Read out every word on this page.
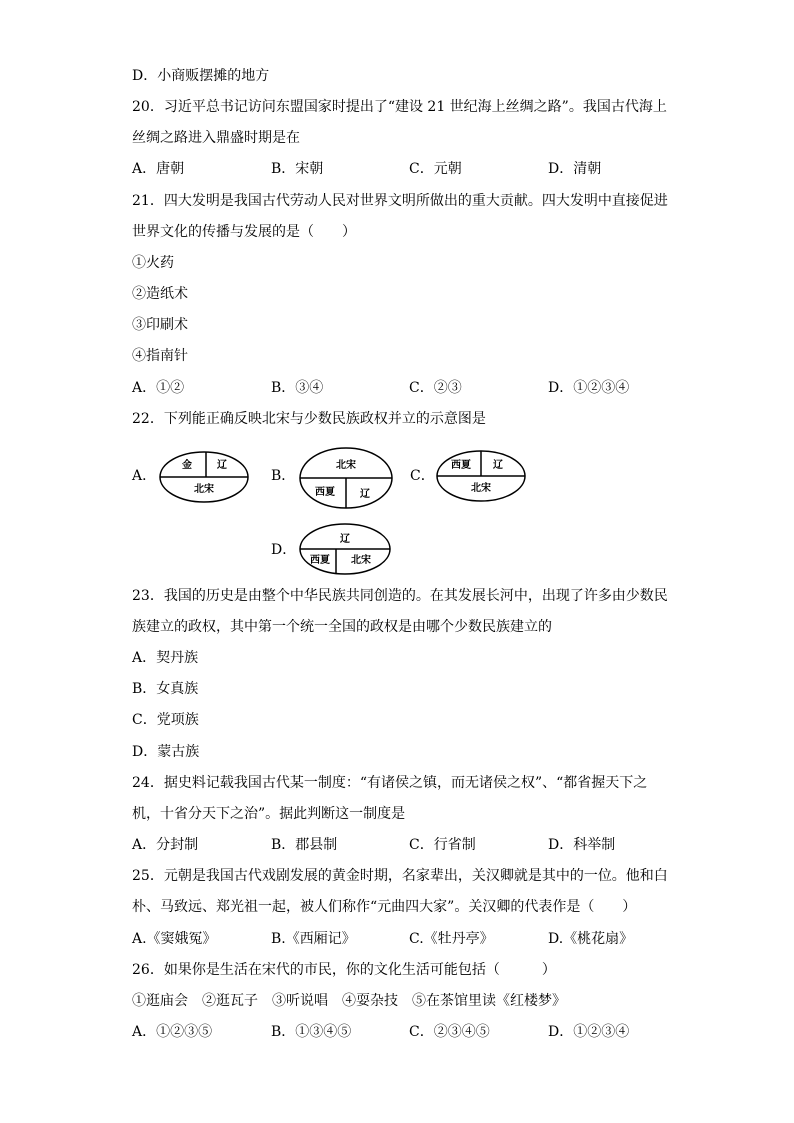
D．小商贩摆摊的地方
20．习近平总书记访问东盟国家时提出了“建设 21 世纪海上丝绸之路”。我国古代海上
丝绸之路进入鼎盛时期是在
A．唐朝	B．宋朝	C．元朝	D．清朝
21．四大发明是我国古代劳动人民对世界文明所做出的重大贡献。四大发明中直接促进
世界文化的传播与发展的是（　　）
①火药
②造纸术
③印刷术
④指南针
A．①②	B．③④	C．②③	D．①②③④
22．下列能正确反映北宋与少数民族政权并立的示意图是
A．
金	辽
北宋
B．
北宋
西夏	辽
C．
西夏 辽
北宋
D．
辽
西夏 北宋
23．我国的历史是由整个中华民族共同创造的。在其发展长河中，出现了许多由少数民
族建立的政权，其中第一个统一全国的政权是由哪个少数民族建立的
A．契丹族
B．女真族
C．党项族
D．蒙古族
24．据史料记载我国古代某一制度：“有诸侯之镇，而无诸侯之权”、“都省握天下之
机，十省分天下之治”。据此判断这一制度是
A．分封制	B．郡县制	C．行省制	D．科举制
25．元朝是我国古代戏剧发展的黄金时期，名家辈出，关汉卿就是其中的一位。他和白
朴、马致远、郑光祖一起，被人们称作“元曲四大家”。关汉卿的代表作是（　　）
A.《窦娥冤》	B.《西厢记》	C.《牡丹亭》	D.《桃花扇》
26．如果你是生活在宋代的市民，你的文化生活可能包括（　　　）
①逛庙会　②逛瓦子　③听说唱　④耍杂技　⑤在茶馆里读《红楼梦》
A．①②③⑤	B．①③④⑤	C．②③④⑤	D．①②③④
